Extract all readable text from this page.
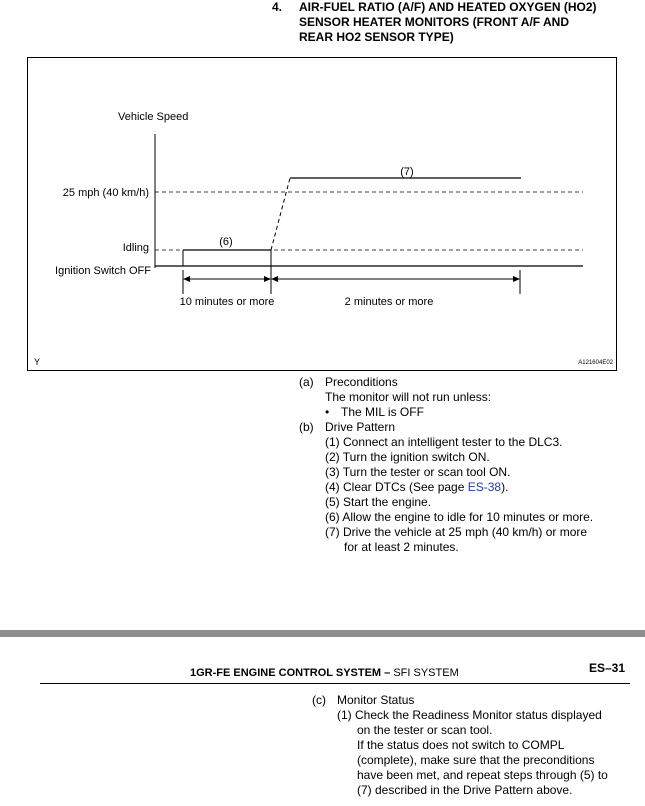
4. AIR-FUEL RATIO (A/F) AND HEATED OXYGEN (HO2)
SENSOR HEATER MONITORS (FRONT A/F AND
REAR HO2 SENSOR TYPE)
Vehicle Speed
25 mph (40 km/h)
Idling
Ignition Switch OFF
(6)
(7)
10 minutes or more	2 minutes or more
Y	A121604E02
(a) Preconditions
The monitor will not run unless:
• The MIL is OFF
(b) Drive Pattern
(1) Connect an intelligent tester to the DLC3.
(2) Turn the ignition switch ON.
(3) Turn the tester or scan tool ON.
(4) Clear DTCs (See page ES-38).
(5) Start the engine.
(6) Allow the engine to idle for 10 minutes or more.
(7) Drive the vehicle at 25 mph (40 km/h) or more
for at least 2 minutes.
1GR-FE ENGINE CONTROL SYSTEM – SFI SYSTEM	ES–31
(c) Monitor Status
(1) Check the Readiness Monitor status displayed
on the tester or scan tool.
If the status does not switch to COMPL
(complete), make sure that the preconditions
have been met, and repeat steps through (5) to
(7) described in the Drive Pattern above.
